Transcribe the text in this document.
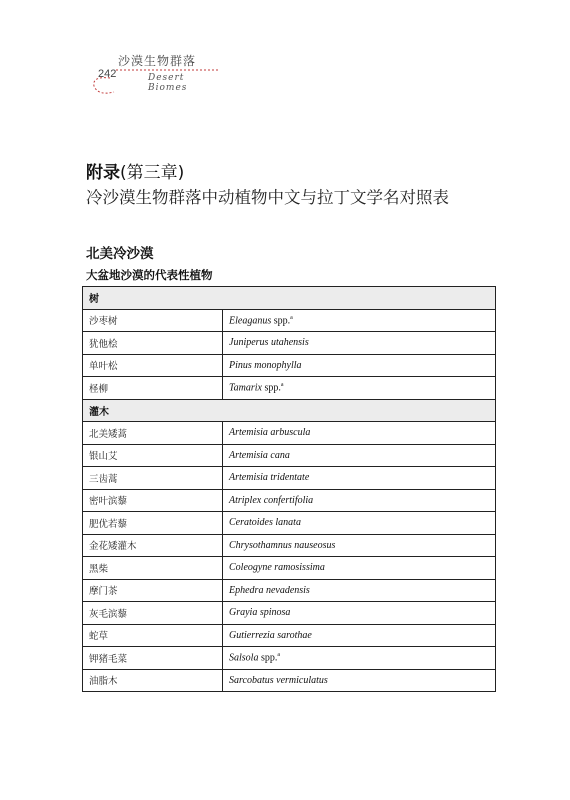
242
沙漠生物群落
Desert Biomes
附录(第三章)
冷沙漠生物群落中动植物中文与拉丁文学名对照表
北美冷沙漠
大盆地沙漠的代表性植物
树	
沙枣树	Eleaganus spp.$^a$
犹他桧	Juniperus utahensis
单叶松	Pinus monophylla
柽柳	Tamarix spp.$^a$
灌木	
北美矮蒿	Artemisia arbuscula
银山艾	Artemisia cana
三齿蒿	Artemisia tridentate
密叶滨藜	Atriplex confertifolia
肥优若藜	Ceratoides lanata
金花矮灌木	Chrysothamnus nauseosus
黑柴	Coleogyne ramosissima
摩门茶	Ephedra nevadensis
灰毛滨藜	Grayia spinosa
蛇草	Gutierrezia sarothae
钾猪毛菜	Salsola spp.$^a$
油脂木	Sarcobatus vermiculatus
